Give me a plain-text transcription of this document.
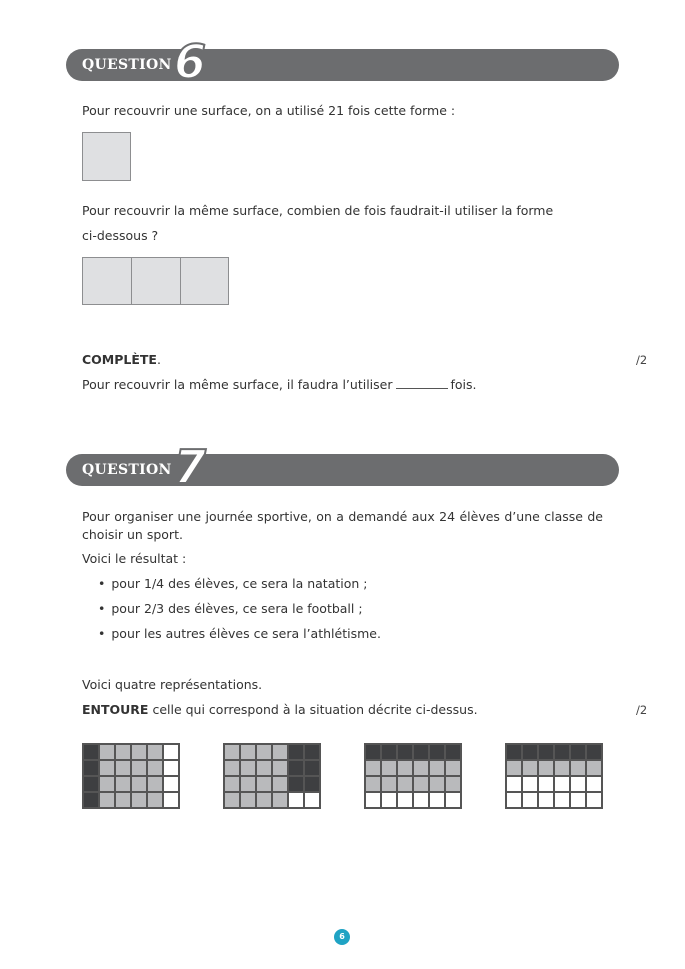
QUESTION 6
Pour recouvrir une surface, on a utilisé 21 fois cette forme :
Pour recouvrir la même surface, combien de fois faudrait-il utiliser la forme
ci-dessous ?
COMPLÈTE.	/2
Pour recouvrir la même surface, il faudra l’utiliser	fois.
QUESTION 7
Pour organiser une journée sportive, on a demandé aux 24 élèves d’une classe de
choisir un sport.
Voici le résultat :
• pour 1/4 des élèves, ce sera la natation ;
• pour 2/3 des élèves, ce sera le football ;
• pour les autres élèves ce sera l’athlétisme.
Voici quatre représentations.
ENTOURE celle qui correspond à la situation décrite ci-dessus.	/2
6
